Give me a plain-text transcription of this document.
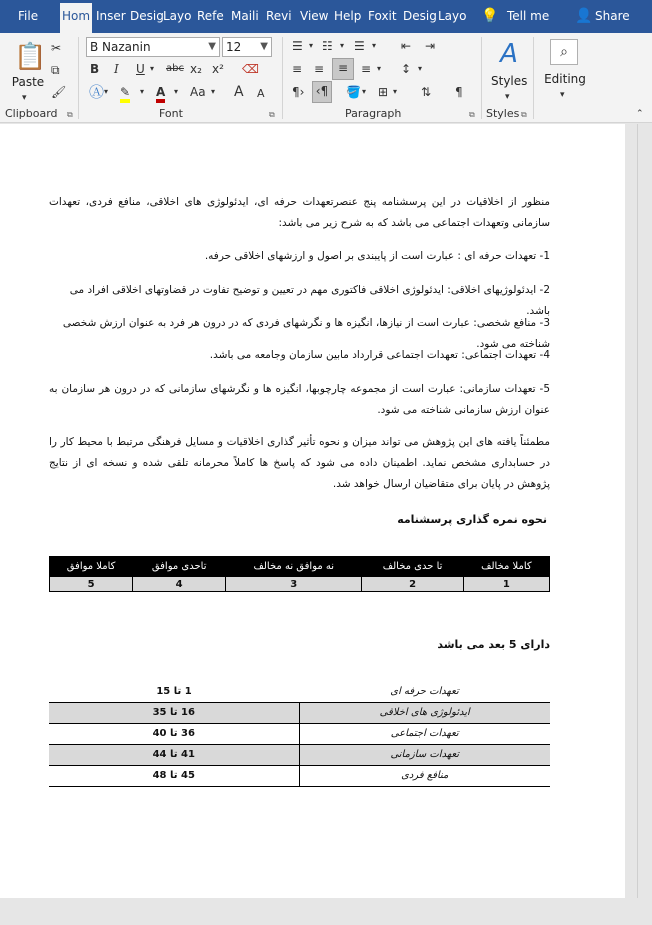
File Hom Inser Desig Layo Refe Maili Revi View Help Foxit Desig Layo 💡 Tell me 👤 Share
📋
Paste
▾
✂
⧉
🖌
Clipboard ⧉
B Nazanin	▼ 12 ▼
B I U ▾ abc x₂ x² ⌫
Ⓐ ▾ ✎ ▾ A ▾ Aa ▾ A A
Font	⧉
☰ ▾ ☷ ▾ ☰ ▾ ⇤ ⇥
≡ ≡	≡	≡ ▾ ↕ ▾
¶› ‹¶	🪣 ▾ ⊞ ▾ ⇅ ¶
Paragraph	⧉
A
Styles
▾
Styles ⧉
⌕
Editing
▾
⌃
منظور از اخلاقیات در این پرسشنامه پنج عنصرتعهدات حرفه ای، ایدئولوژی های اخلاقی، منافع فردی، تعهدات سازمانی وتعهدات اجتماعی می باشد که به شرح زیر می باشد:
1- تعهدات حرفه ای : عبارت است از پایبندی بر اصول و ارزشهای اخلاقی حرفه.
2- ایدئولوژیهای اخلاقی: ایدئولوژی اخلاقی فاکتوری مهم در تعیین و توضیح تفاوت در قضاوتهای اخلاقی افراد می باشد.
3- منافع شخصی: عبارت است از نیازها، انگیزه ها و نگرشهای فردی که در درون هر فرد به عنوان ارزش شخصی شناخته می شود.
4- تعهدات اجتماعی: تعهدات اجتماعی قرارداد مابین سازمان وجامعه می باشد.
5- تعهدات سازمانی: عبارت است از مجموعه چارچوبها، انگیزه ها و نگرشهای سازمانی که در درون هر سازمان به عنوان ارزش سازمانی شناخته می شود.
مطمئناً یافته های این پژوهش می تواند میزان و نحوه تأثیر گذاری اخلاقیات و مسایل فرهنگی مرتبط با محیط کار را در حسابداری مشخص نماید. اطمینان داده می شود که پاسخ ها کاملاً محرمانه تلقی شده و نسخه ای از نتایج پژوهش در پایان برای متقاضیان ارسال خواهد شد.
نحوه نمره گذاری پرسشنامه
کاملا مخالف	تا حدی مخالف	نه موافق نه مخالف	تاحدی موافق	کاملا موافق
1	2	3	4	5
دارای 5 بعد می باشد
تعهدات حرفه ای	1 تا 15
ایدئولوژی های اخلاقی	16 تا 35
تعهدات اجتماعی	36 تا 40
تعهدات سازمانی	41 تا 44
منافع فردی	45 تا 48
